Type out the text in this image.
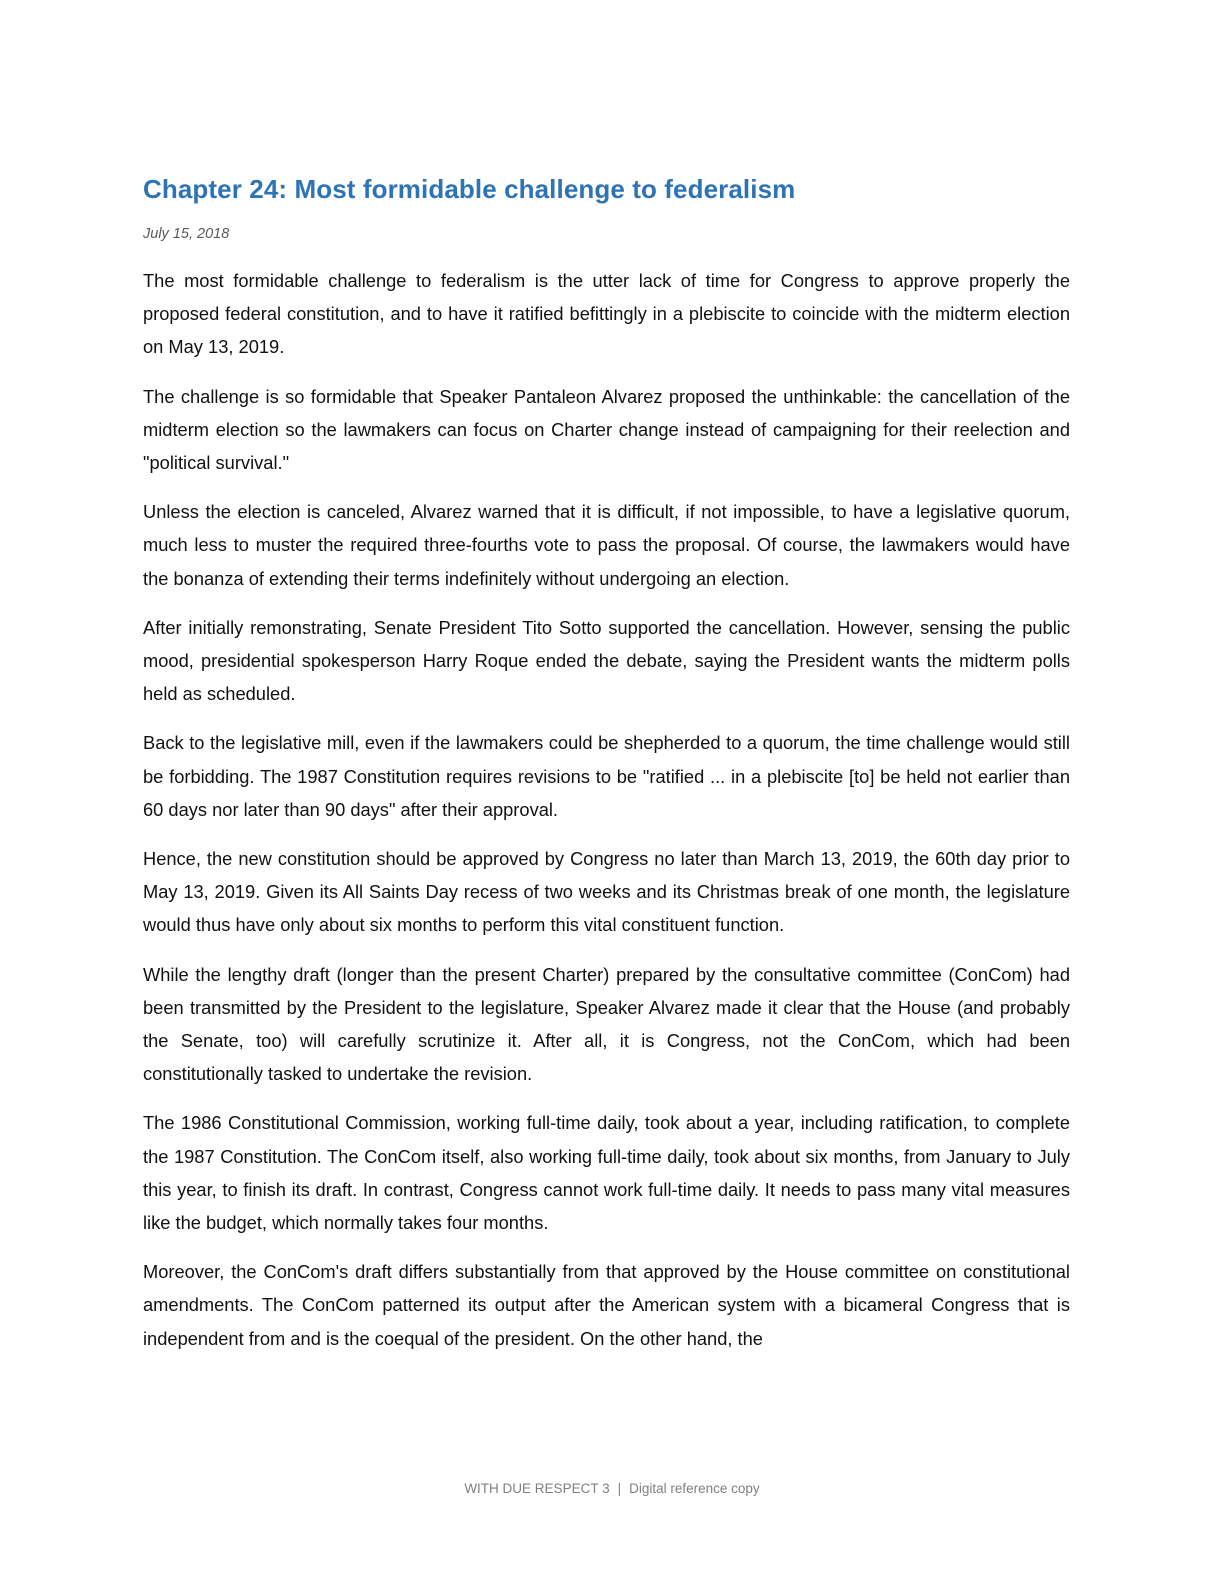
Chapter 24: Most formidable challenge to federalism
July 15, 2018

The most formidable challenge to federalism is the utter lack of time for Congress to approve properly the proposed federal constitution, and to have it ratified befittingly in a plebiscite to coincide with the midterm election on May 13, 2019.

The challenge is so formidable that Speaker Pantaleon Alvarez proposed the unthinkable: the cancellation of the midterm election so the lawmakers can focus on Charter change instead of campaigning for their reelection and "political survival."

Unless the election is canceled, Alvarez warned that it is difficult, if not impossible, to have a legislative quorum, much less to muster the required three-fourths vote to pass the proposal. Of course, the lawmakers would have the bonanza of extending their terms indefinitely without undergoing an election.

After initially remonstrating, Senate President Tito Sotto supported the cancellation. However, sensing the public mood, presidential spokesperson Harry Roque ended the debate, saying the President wants the midterm polls held as scheduled.

Back to the legislative mill, even if the lawmakers could be shepherded to a quorum, the time challenge would still be forbidding. The 1987 Constitution requires revisions to be "ratified ... in a plebiscite [to] be held not earlier than 60 days nor later than 90 days" after their approval.

Hence, the new constitution should be approved by Congress no later than March 13, 2019, the 60th day prior to May 13, 2019. Given its All Saints Day recess of two weeks and its Christmas break of one month, the legislature would thus have only about six months to perform this vital constituent function.

While the lengthy draft (longer than the present Charter) prepared by the consultative committee (ConCom) had been transmitted by the President to the legislature, Speaker Alvarez made it clear that the House (and probably the Senate, too) will carefully scrutinize it. After all, it is Congress, not the ConCom, which had been constitutionally tasked to undertake the revision.

The 1986 Constitutional Commission, working full-time daily, took about a year, including ratification, to complete the 1987 Constitution. The ConCom itself, also working full-time daily, took about six months, from January to July this year, to finish its draft. In contrast, Congress cannot work full-time daily. It needs to pass many vital measures like the budget, which normally takes four months.

Moreover, the ConCom's draft differs substantially from that approved by the House committee on constitutional amendments. The ConCom patterned its output after the American system with a bicameral Congress that is independent from and is the coequal of the president. On the other hand, the

WITH DUE RESPECT 3 | Digital reference copy
